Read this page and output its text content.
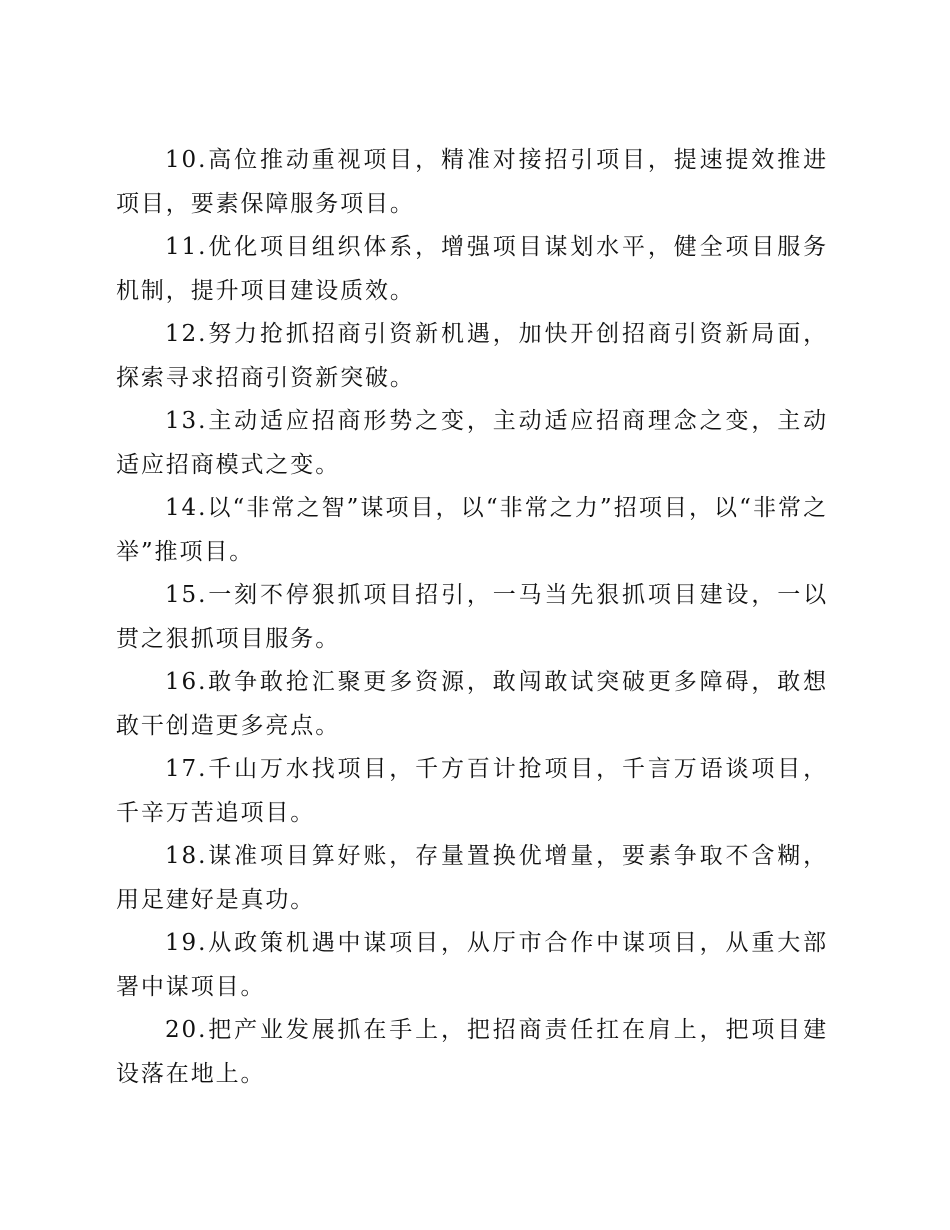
10.高位推动重视项目，精准对接招引项目，提速提效推进项目，要素保障服务项目。

11.优化项目组织体系，增强项目谋划水平，健全项目服务机制，提升项目建设质效。

12.努力抢抓招商引资新机遇，加快开创招商引资新局面，探索寻求招商引资新突破。

13.主动适应招商形势之变，主动适应招商理念之变，主动适应招商模式之变。

14.以“非常之智”谋项目，以“非常之力”招项目，以“非常之举”推项目。

15.一刻不停狠抓项目招引，一马当先狠抓项目建设，一以贯之狠抓项目服务。

16.敢争敢抢汇聚更多资源，敢闯敢试突破更多障碍，敢想敢干创造更多亮点。

17.千山万水找项目，千方百计抢项目，千言万语谈项目，千辛万苦追项目。

18.谋准项目算好账，存量置换优增量，要素争取不含糊，用足建好是真功。

19.从政策机遇中谋项目，从厅市合作中谋项目，从重大部署中谋项目。

20.把产业发展抓在手上，把招商责任扛在肩上，把项目建设落在地上。
